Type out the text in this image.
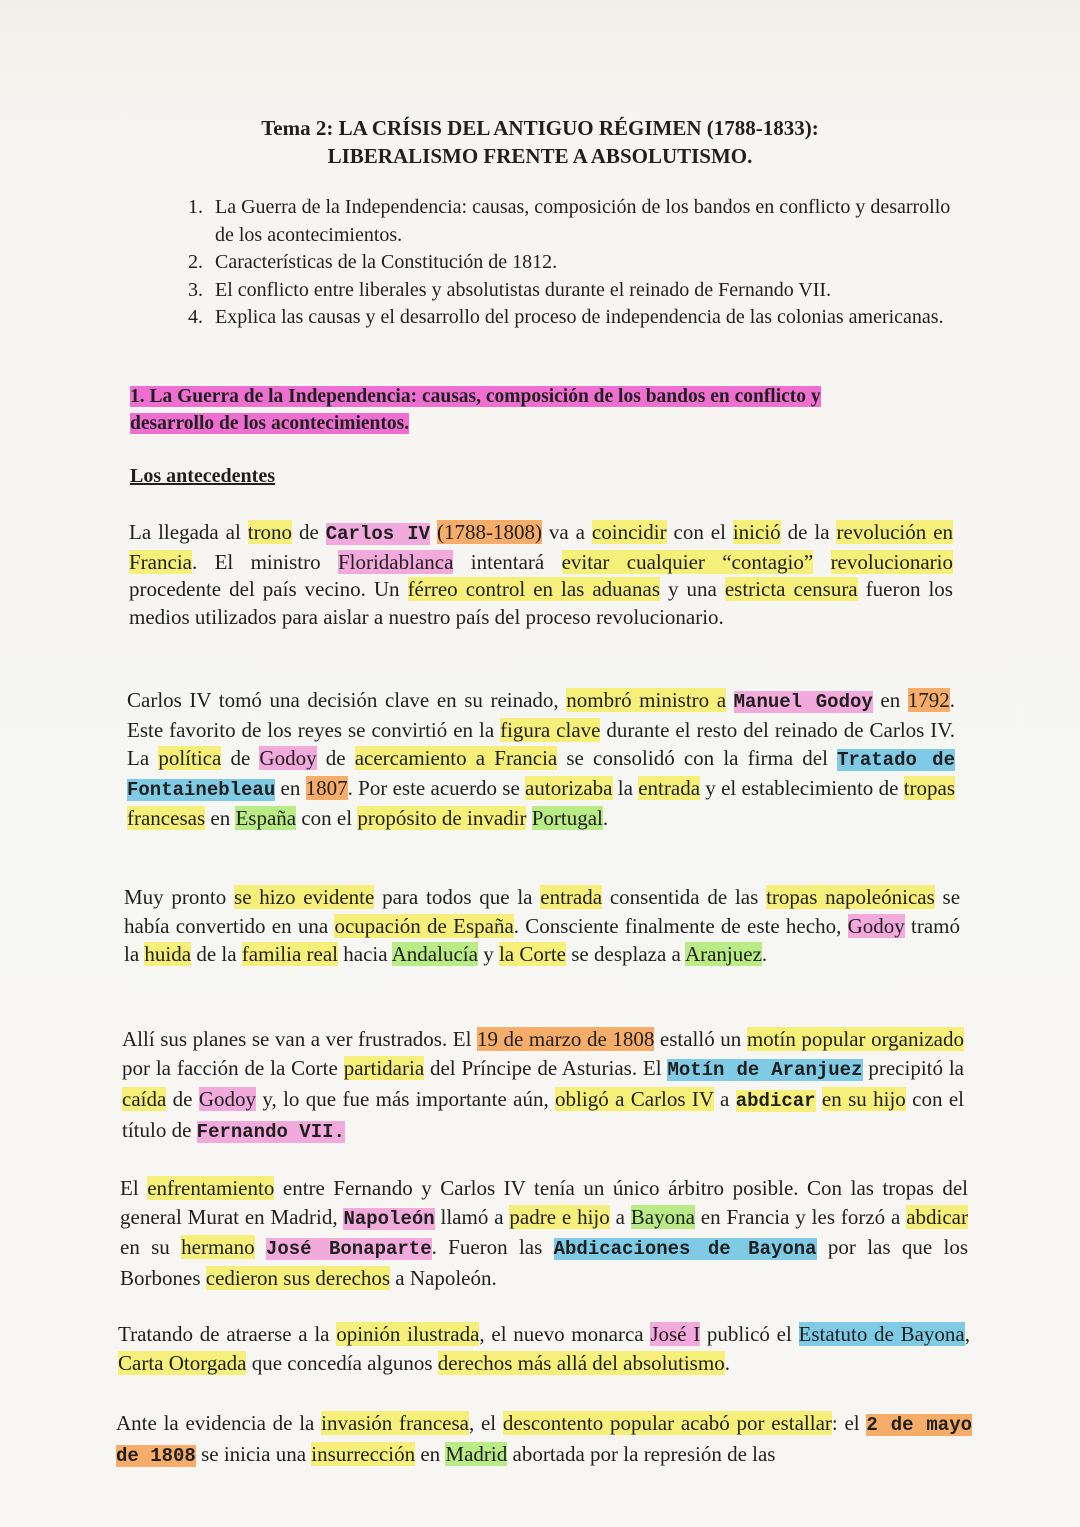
Tema 2: LA CRÍSIS DEL ANTIGUO RÉGIMEN (1788-1833):
LIBERALISMO FRENTE A ABSOLUTISMO.
1. La Guerra de la Independencia: causas, composición de los bandos en conflicto y desarrollo de los acontecimientos.
2. Características de la Constitución de 1812.
3. El conflicto entre liberales y absolutistas durante el reinado de Fernando VII.
4. Explica las causas y el desarrollo del proceso de independencia de las colonias americanas.
1. La Guerra de la Independencia: causas, composición de los bandos en conflicto y
desarrollo de los acontecimientos.
Los antecedentes
La llegada al trono de Carlos IV (1788-1808) va a coincidir con el inició de la revolución en Francia. El ministro Floridablanca intentará evitar cualquier “contagio” revolucionario procedente del país vecino. Un férreo control en las aduanas y una estricta censura fueron los medios utilizados para aislar a nuestro país del proceso revolucionario.
Carlos IV tomó una decisión clave en su reinado, nombró ministro a Manuel Godoy en 1792. Este favorito de los reyes se convirtió en la figura clave durante el resto del reinado de Carlos IV. La política de Godoy de acercamiento a Francia se consolidó con la firma del Tratado de Fontainebleau en 1807. Por este acuerdo se autorizaba la entrada y el establecimiento de tropas francesas en España con el propósito de invadir Portugal.
Muy pronto se hizo evidente para todos que la entrada consentida de las tropas napoleónicas se había convertido en una ocupación de España. Consciente finalmente de este hecho, Godoy tramó la huida de la familia real hacia Andalucía y la Corte se desplaza a Aranjuez.
Allí sus planes se van a ver frustrados. El 19 de marzo de 1808 estalló un motín popular organizado por la facción de la Corte partidaria del Príncipe de Asturias. El Motín de Aranjuez precipitó la caída de Godoy y, lo que fue más importante aún, obligó a Carlos IV a abdicar en su hijo con el título de Fernando VII.
El enfrentamiento entre Fernando y Carlos IV tenía un único árbitro posible. Con las tropas del general Murat en Madrid, Napoleón llamó a padre e hijo a Bayona en Francia y les forzó a abdicar en su hermano José Bonaparte. Fueron las Abdicaciones de Bayona por las que los Borbones cedieron sus derechos a Napoleón.
Tratando de atraerse a la opinión ilustrada, el nuevo monarca José I publicó el Estatuto de Bayona, Carta Otorgada que concedía algunos derechos más allá del absolutismo.
Ante la evidencia de la invasión francesa, el descontento popular acabó por estallar: el 2 de mayo de 1808 se inicia una insurrección en Madrid abortada por la represión de las
